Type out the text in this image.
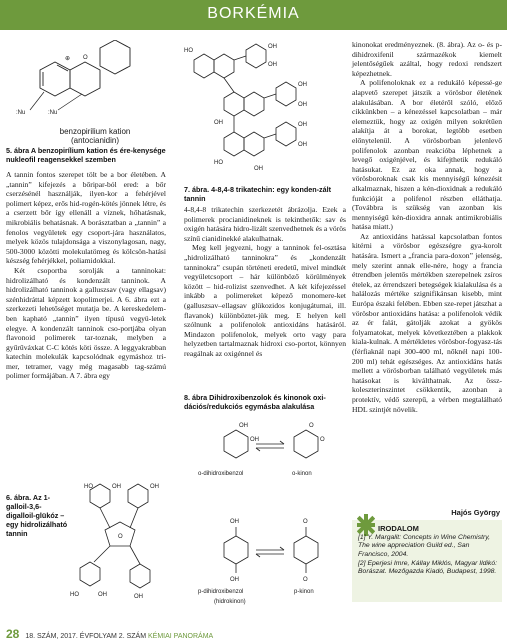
BORKÉMIA
⊕ O
:Nu	:Nu
benzopirilium kation
(antocianidin)
5. ábra A benzopirílium kation és ére-kenysége nukleofil reagensekkel szemben

A tannin fontos szerepet tölt be a bor életében. A „tannin” kifejezés a bőripar-ból ered: a bőr cserzésénél használják, ilyen-kor a fehérjével polimert képez, erős hid-rogén-kötés jönnek létre, és a cserzett bőr így ellenáll a víznek, hőhatásnak, mikrobiális behatásnak. A borásztatban a „tannin” a fenolos vegyületek egy csoport-jára használatos, melyek közös tulajdonsága a viszonylagosan, nagy, 500-3000 közötti molekulatömeg és kölcsön-hatási készség fehérjékkel, poliamidokkal.

Két csoportba sorolják a tanninokat: hidrolizálható és kondenzált tanninok. A hidrolizálható tanninok a galluszsav (vagy ellagsav) szénhidráttal képzett kopolimerjei. A 6. ábra ezt a szerkezeti lehetőséget mutatja be. A kereskedelem-ben kapható „tannin” ilyen típusú vegyü-letek elegye. A kondenzált tanninok cso-portjába olyan flavonoid polimerek tar-toznak, melyben a gyűrűváxkat C-C kötés köti össze. A leggyakrabban katechin molekulák kapcsolódnak egymáshoz tri-mer, tetramer, vagy még magasabb tag-számú polimer formájában. A 7. ábra egy

6. ábra. Az 1-galloil-3,6-digalloil-glükóz – egy hidrolizálható tannin
HO	OH	OH
O
HO	OH	OH
HO
OH
OH
OH
OH
OH	OH
OH
HO
OH
7. ábra. 4-8,4-8 trikatechin: egy konden-zált tannin

4-8,4-8 trikatechin szerkezetét ábrázolja. Ezek a polimerek procianidineknek is tekinthetők: sav és oxigén hatására hidro-lizált szenvedhetnek és a vörös színű cianidinekké alakulhatnak.

Meg kell jegyezni, hogy a tanninok fel-osztása „hidrolizálható tanninokra” és „kondenzált tanninokra” csupán történeti eredetű, mivel mindkét vegyületcsoport – hár különböző körülmények között – hid-rolizist szenvedhet. A két kifejezéssel inkább a polimereket képező monomere-ket (galluszsav–ellagsav glükozidos konjugátumai, ill. flavanok) különböztet-jük meg. E helyen kell szólnunk a polifenolok antioxidáns hatásáról. Mindazon polifenolok, melyek orto vagy para helyzetben tartalmaznak hidroxi cso-portot, könnyen reagálnak az oxigénnel és

8. ábra Dihidroxibenzolok és kinonok oxi-dációs/redukciós egymásba alakulása
OH
OH
O
O
OH
OH
O
O
o-dihidroxibenzol	o-kinon
p-dihidroxibenzol
(hidrokinon)
p-kinon

kinonokat eredményeznek. (8. ábra). Az o- és p-dihidroxifenil származékok kiemelt jelentőségűek azáltal, hogy redoxi rendszert képezhetnek.

A polifenoloknak ez a redukáló képessé-ge alapvető szerepet játszik a vörösbor életének alakulásában. A bor életéről szóló, előző cikkünkben – a kénezéssel kapcsolatban – már elemeztük, hogy az oxigén milyen sokrétűen alakítja át a borokat, legtöbb esetben előnytelenül. A vörösborban jelenlevő polifenolok azonban reakcióba léphetnek a levegő oxigénjével, és kifejthetik redukáló hatásukat. Ez az oka annak, hogy a vörösboroknak csak kis mennyiségű kénezésit alkalmaznak, hiszen a kén-dioxidnak a redukáló funkcióját a polifenol részben elláthatja. (Továbbra is szükség van azonban kis mennyiségű kén-dioxidra annak antimikrobiális hatása miatt.)

Az antioxidáns hatással kapcsolatban fontos kitérni a vörösbor egészségre gya-korolt hatására. Ismert a „francia para-doxon” jelenség, mely szerint annak elle-nére, hogy a francia étrendben jelentős mértékben szerepelnek zsíros ételek, az érrendszeri betegségek kialakulása és a halálozás mértéke szignifikánsan kisebb, mint Európa északi felében. Ebben sze-repet játszhat a vörösbor antioxidáns hatása: a polifenolok védik az ér falát, gátolják azokat a gyökös folyamatokat, melyek következtében a plakkok kiala-kulnak. A mértékletes vörösbor-fogyasz-tás (férfiaknál napi 300-400 ml, nőknél napi 100-200 ml) tehát egészséges. Az antioxidáns hatás mellett a vörösborban található vegyületek más hatásokat is kiválthatnak. Az össz-koleszterinszintet csökkentik, azonban a protektív, védő szerepű, a vérben megtalálható HDL szintjét növelik.

Hajós György
IRODALOM
[1] Y. Margalit: Concepts in Wine Chemistry, The wine appreciation Guild ed., San Francisco, 2004.
[2] Eperjesi Imre, Kállay Miklós, Magyar Ildikó: Borászat. Mezőgazda Kiadó, Budapest, 1998.
28 18. SZÁM, 2017. ÉVFOLYAM 2. SZÁM KÉMIAI PANORÁMA
